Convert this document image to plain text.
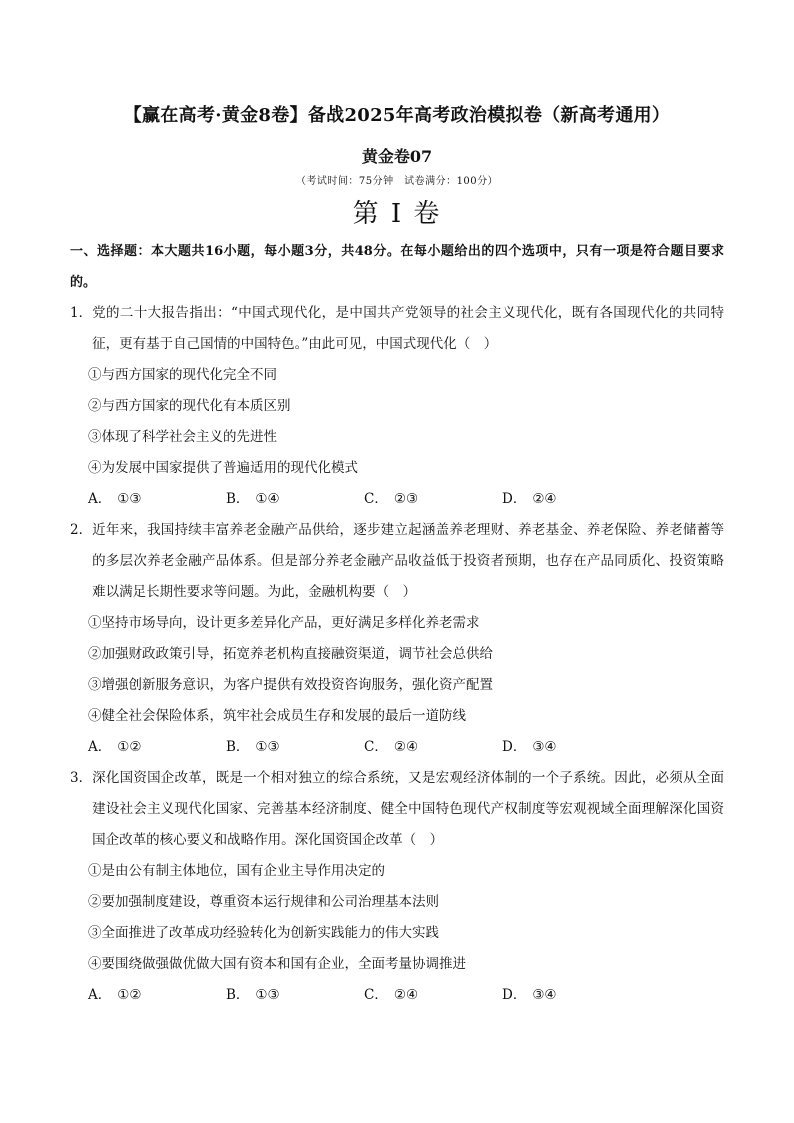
【赢在高考·黄金8卷】备战2025年高考政治模拟卷（新高考通用）
黄金卷07
（考试时间：75分钟　试卷满分：100分）
第 I 卷
一、选择题：本大题共16小题，每小题3分，共48分。在每小题给出的四个选项中，只有一项是符合题目要求的。
1． 党的二十大报告指出：“中国式现代化，是中国共产党领导的社会主义现代化，既有各国现代化的共同特征，更有基于自己国情的中国特色。”由此可见，中国式现代化（　）
①与西方国家的现代化完全不同
②与西方国家的现代化有本质区别
③体现了科学社会主义的先进性
④为发展中国家提供了普遍适用的现代化模式
A． ①③	B． ①④	C． ②③	D． ②④
2． 近年来，我国持续丰富养老金融产品供给，逐步建立起涵盖养老理财、养老基金、养老保险、养老储蓄等的多层次养老金融产品体系。但是部分养老金融产品收益低于投资者预期，也存在产品同质化、投资策略难以满足长期性要求等问题。为此，金融机构要（　）
①坚持市场导向，设计更多差异化产品，更好满足多样化养老需求
②加强财政政策引导，拓宽养老机构直接融资渠道，调节社会总供给
③增强创新服务意识，为客户提供有效投资咨询服务，强化资产配置
④健全社会保险体系，筑牢社会成员生存和发展的最后一道防线
A． ①②	B． ①③	C． ②④	D． ③④
3． 深化国资国企改革，既是一个相对独立的综合系统，又是宏观经济体制的一个子系统。因此，必须从全面建设社会主义现代化国家、完善基本经济制度、健全中国特色现代产权制度等宏观视域全面理解深化国资国企改革的核心要义和战略作用。深化国资国企改革（　）
①是由公有制主体地位，国有企业主导作用决定的
②要加强制度建设，尊重资本运行规律和公司治理基本法则
③全面推进了改革成功经验转化为创新实践能力的伟大实践
④要围绕做强做优做大国有资本和国有企业，全面考量协调推进
A． ①②	B． ①③	C． ②④	D． ③④
